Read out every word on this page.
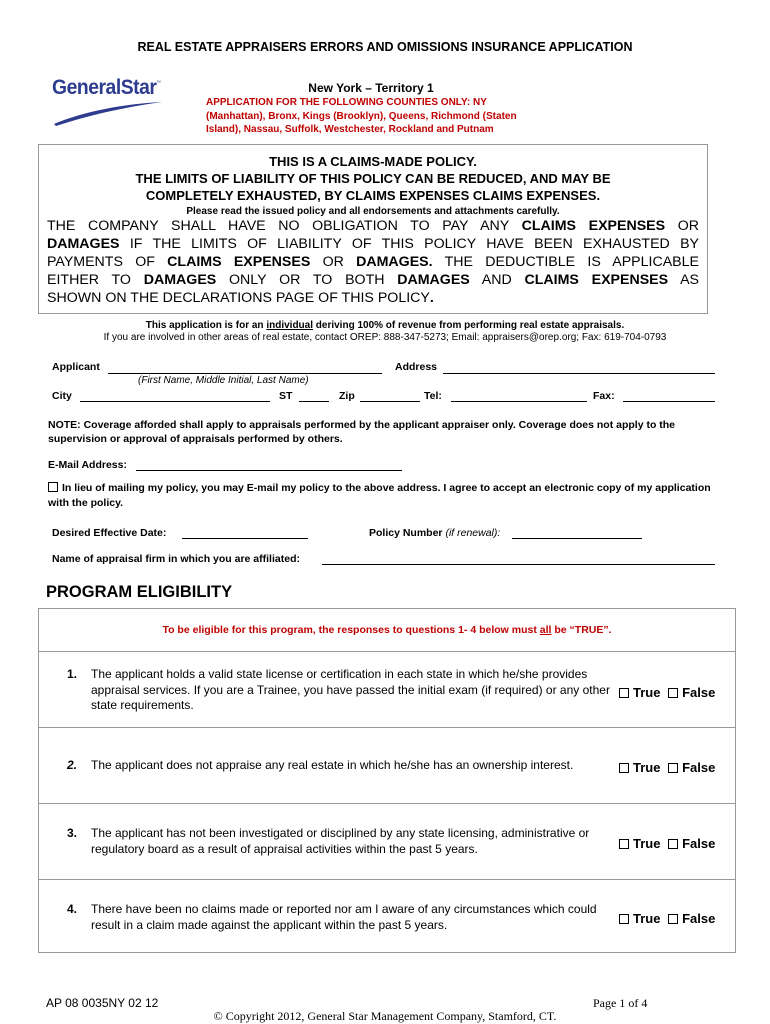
REAL ESTATE APPRAISERS ERRORS AND OMISSIONS INSURANCE APPLICATION
GeneralStar ™	New York – Territory 1
APPLICATION FOR THE FOLLOWING COUNTIES ONLY: NY
(Manhattan), Bronx, Kings (Brooklyn), Queens, Richmond (Staten
Island), Nassau, Suffolk, Westchester, Rockland and Putnam
THIS IS A CLAIMS-MADE POLICY.
THE LIMITS OF LIABILITY OF THIS POLICY CAN BE REDUCED, AND MAY BE
COMPLETELY EXHAUSTED, BY CLAIMS EXPENSES CLAIMS EXPENSES.
Please read the issued policy and all endorsements and attachments carefully.
THE COMPANY SHALL HAVE NO OBLIGATION TO PAY ANY CLAIMS EXPENSES OR
DAMAGES IF THE LIMITS OF LIABILITY OF THIS POLICY HAVE BEEN EXHAUSTED BY
PAYMENTS OF CLAIMS EXPENSES OR DAMAGES. THE DEDUCTIBLE IS APPLICABLE
EITHER TO DAMAGES ONLY OR TO BOTH DAMAGES AND CLAIMS EXPENSES AS
SHOWN ON THE DECLARATIONS PAGE OF THIS POLICY.
This application is for an individual deriving 100% of revenue from performing real estate appraisals.
If you are involved in other areas of real estate, contact OREP: 888-347-5273; Email: appraisers@orep.org; Fax: 619-704-0793
Applicant	Address
(First Name, Middle Initial, Last Name)
City	ST	Zip	Tel:	Fax:
NOTE: Coverage afforded shall apply to appraisals performed by the applicant appraiser only. Coverage does not apply to the supervision or approval of appraisals performed by others.
E-Mail Address:
In lieu of mailing my policy, you may E-mail my policy to the above address. I agree to accept an electronic copy of my application with the policy.
Desired Effective Date:	Policy Number (if renewal):
Name of appraisal firm in which you are affiliated:
PROGRAM ELIGIBILITY
To be eligible for this program, the responses to questions 1- 4 below must all be “TRUE”.
1. The applicant holds a valid state license or certification in each state in which he/she provides appraisal services. If you are a Trainee, you have passed the initial exam (if required) or any other state requirements.
True False
2. The applicant does not appraise any real estate in which he/she has an ownership interest.	True False
3. The applicant has not been investigated or disciplined by any state licensing, administrative or regulatory board as a result of appraisal activities within the past 5 years.	True False
4. There have been no claims made or reported nor am I aware of any circumstances which could result in a claim made against the applicant within the past 5 years.	True False
AP 08 0035NY 02 12	Page 1 of 4
© Copyright 2012, General Star Management Company, Stamford, CT.
